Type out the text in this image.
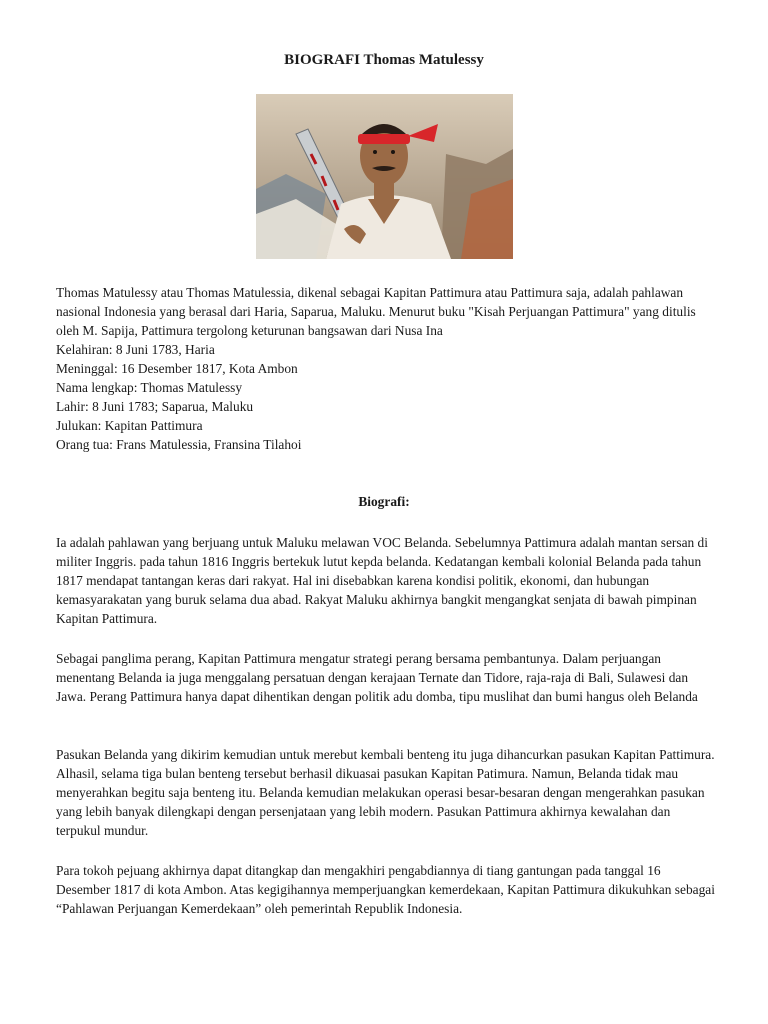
BIOGRAFI Thomas Matulessy

Thomas Matulessy atau Thomas Matulessia, dikenal sebagai Kapitan Pattimura atau Pattimura saja, adalah pahlawan nasional Indonesia yang berasal dari Haria, Saparua, Maluku. Menurut buku "Kisah Perjuangan Pattimura" yang ditulis oleh M. Sapija, Pattimura tergolong keturunan bangsawan dari Nusa Ina

Kelahiran: 8 Juni 1783, Haria

Meninggal: 16 Desember 1817, Kota Ambon

Nama lengkap: Thomas Matulessy

Lahir: 8 Juni 1783; Saparua, Maluku

Julukan: Kapitan Pattimura

Orang tua: Frans Matulessia, Fransina Tilahoi

Biografi:

Ia adalah pahlawan yang berjuang untuk Maluku melawan VOC Belanda. Sebelumnya Pattimura adalah mantan sersan di militer Inggris. pada tahun 1816 Inggris bertekuk lutut kepda belanda. Kedatangan kembali kolonial Belanda pada tahun 1817 mendapat tantangan keras dari rakyat. Hal ini disebabkan karena kondisi politik, ekonomi, dan hubungan kemasyarakatan yang buruk selama dua abad. Rakyat Maluku akhirnya bangkit mengangkat senjata di bawah pimpinan Kapitan Pattimura.

Sebagai panglima perang, Kapitan Pattimura mengatur strategi perang bersama pembantunya. Dalam perjuangan menentang Belanda ia juga menggalang persatuan dengan kerajaan Ternate dan Tidore, raja-raja di Bali, Sulawesi dan Jawa. Perang Pattimura hanya dapat dihentikan dengan politik adu domba, tipu muslihat dan bumi hangus oleh Belanda

Pasukan Belanda yang dikirim kemudian untuk merebut kembali benteng itu juga dihancurkan pasukan Kapitan Pattimura. Alhasil, selama tiga bulan benteng tersebut berhasil dikuasai pasukan Kapitan Patimura. Namun, Belanda tidak mau menyerahkan begitu saja benteng itu. Belanda kemudian melakukan operasi besar-besaran dengan mengerahkan pasukan yang lebih banyak dilengkapi dengan persenjataan yang lebih modern. Pasukan Pattimura akhirnya kewalahan dan terpukul mundur.

Para tokoh pejuang akhirnya dapat ditangkap dan mengakhiri pengabdiannya di tiang gantungan pada tanggal 16 Desember 1817 di kota Ambon. Atas kegigihannya memperjuangkan kemerdekaan, Kapitan Pattimura dikukuhkan sebagai “Pahlawan Perjuangan Kemerdekaan” oleh pemerintah Republik Indonesia.
